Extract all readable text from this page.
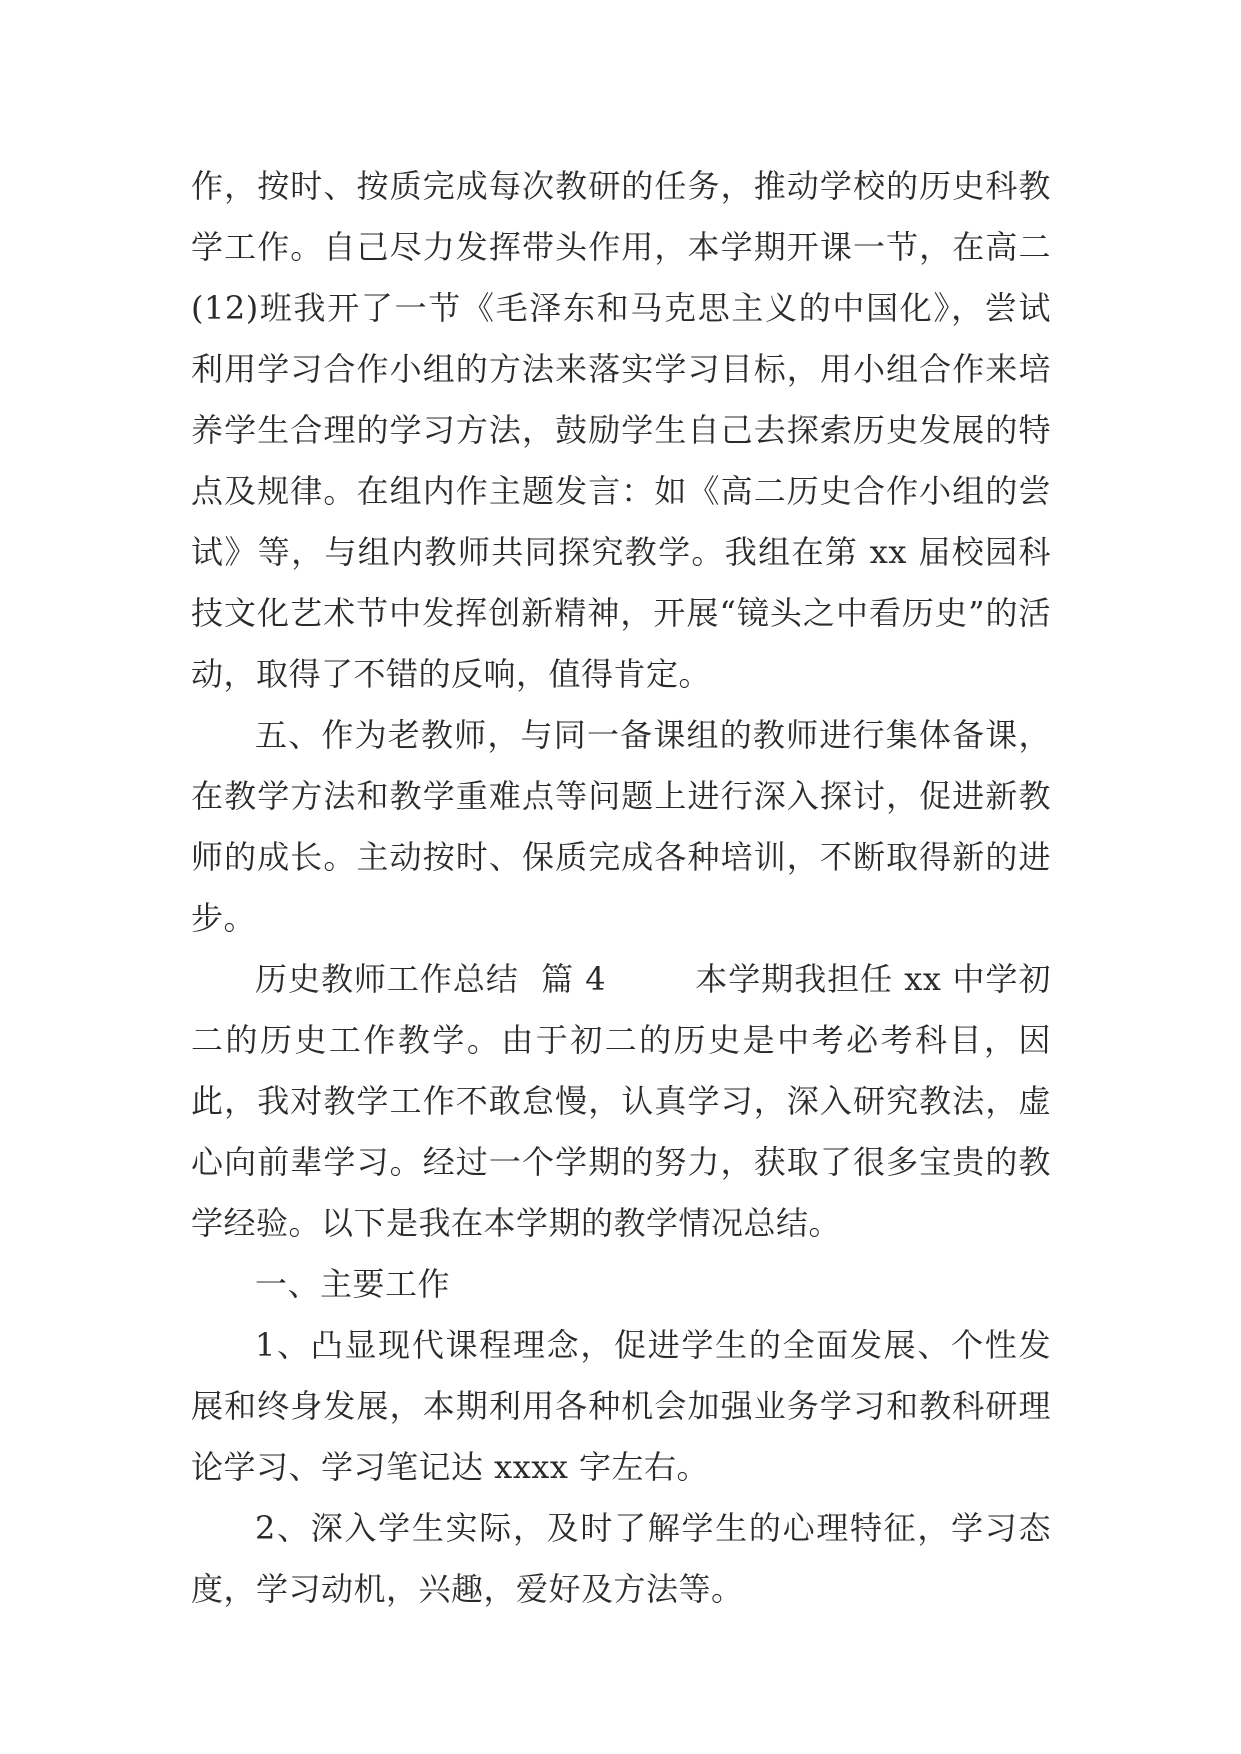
作，按时、按质完成每次教研的任务，推动学校的历史科教学工作。自己尽力发挥带头作用，本学期开课一节，在高二(12)班我开了一节《毛泽东和马克思主义的中国化》，尝试利用学习合作小组的方法来落实学习目标，用小组合作来培养学生合理的学习方法，鼓励学生自己去探索历史发展的特点及规律。在组内作主题发言：如《高二历史合作小组的尝试》等，与组内教师共同探究教学。我组在第 xx 届校园科技文化艺术节中发挥创新精神，开展“镜头之中看历史”的活动，取得了不错的反响，值得肯定。

五、作为老教师，与同一备课组的教师进行集体备课，在教学方法和教学重难点等问题上进行深入探讨，促进新教师的成长。主动按时、保质完成各种培训，不断取得新的进步。

历史教师工作总结  篇 4	本学期我担任 xx 中学初二的历史工作教学。由于初二的历史是中考必考科目，因此，我对教学工作不敢怠慢，认真学习，深入研究教法，虚心向前辈学习。经过一个学期的努力，获取了很多宝贵的教学经验。以下是我在本学期的教学情况总结。

一、主要工作

1、凸显现代课程理念，促进学生的全面发展、个性发展和终身发展，本期利用各种机会加强业务学习和教科研理论学习、学习笔记达 xxxx 字左右。

2、深入学生实际，及时了解学生的心理特征，学习态度，学习动机，兴趣，爱好及方法等。
